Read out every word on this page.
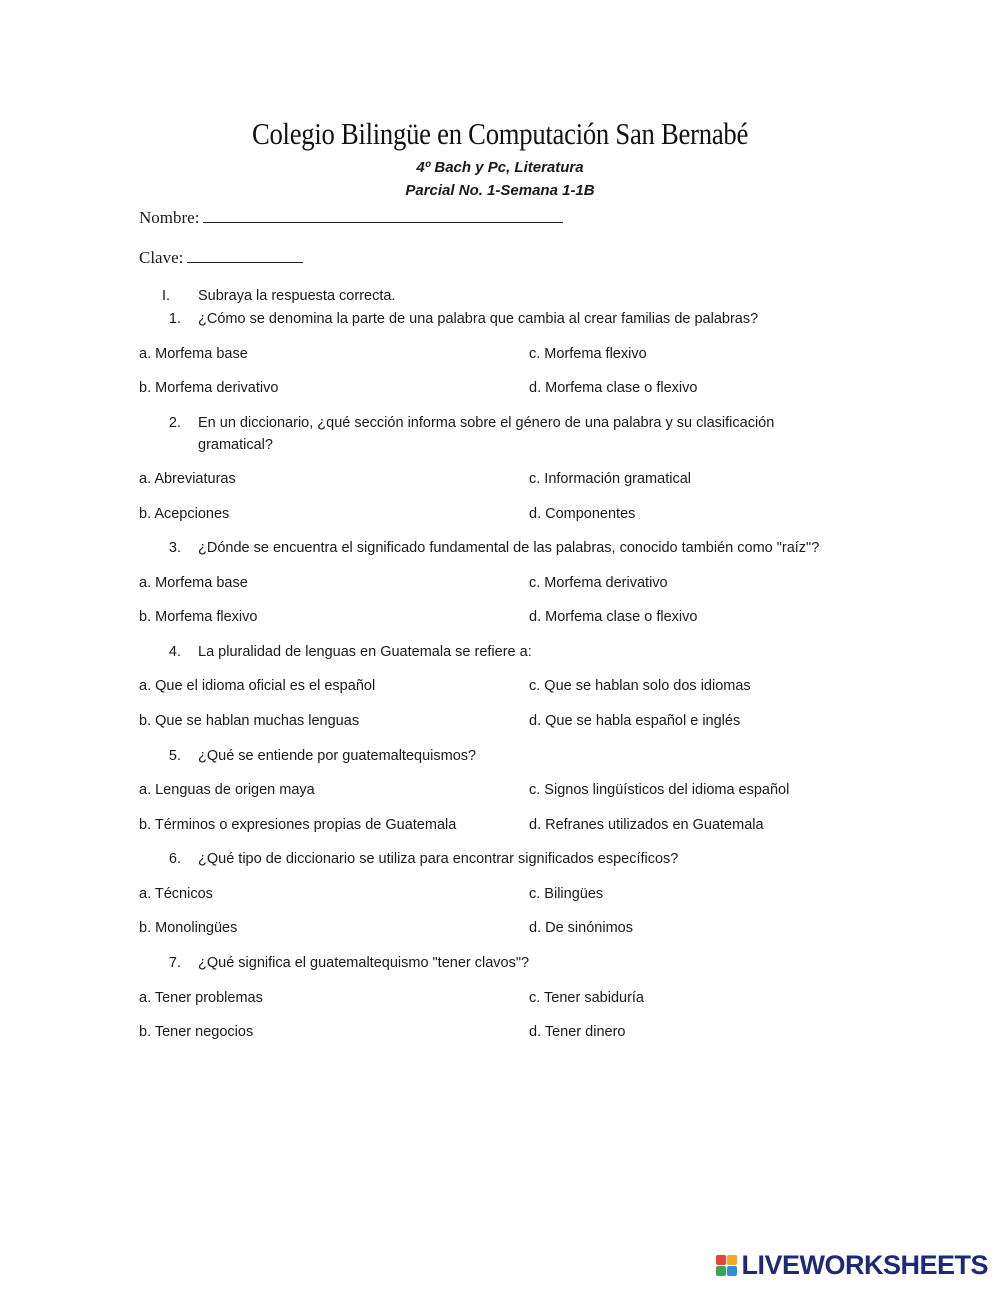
Colegio Bilingüe en Computación San Bernabé
4º Bach y Pc, Literatura
Parcial No. 1-Semana 1-1B
Nombre:
Clave:
I. Subraya la respuesta correcta.
1. ¿Cómo se denomina la parte de una palabra que cambia al crear familias de palabras?
a. Morfema base	c. Morfema flexivo
b. Morfema derivativo	d. Morfema clase o flexivo
2. En un diccionario, ¿qué sección informa sobre el género de una palabra y su clasificación gramatical?
a. Abreviaturas	c. Información gramatical
b. Acepciones	d. Componentes
3. ¿Dónde se encuentra el significado fundamental de las palabras, conocido también como "raíz"?
a. Morfema base	c. Morfema derivativo
b. Morfema flexivo	d. Morfema clase o flexivo
4. La pluralidad de lenguas en Guatemala se refiere a:
a. Que el idioma oficial es el español	c. Que se hablan solo dos idiomas
b. Que se hablan muchas lenguas	d. Que se habla español e inglés
5. ¿Qué se entiende por guatemaltequismos?
a. Lenguas de origen maya	c. Signos lingüísticos del idioma español
b. Términos o expresiones propias de Guatemala	d. Refranes utilizados en Guatemala
6. ¿Qué tipo de diccionario se utiliza para encontrar significados específicos?
a. Técnicos	c. Bilingües
b. Monolingües	d. De sinónimos
7. ¿Qué significa el guatemaltequismo "tener clavos"?
a. Tener problemas	c. Tener sabiduría
b. Tener negocios	d. Tener dinero
LIVEWORKSHEETS
